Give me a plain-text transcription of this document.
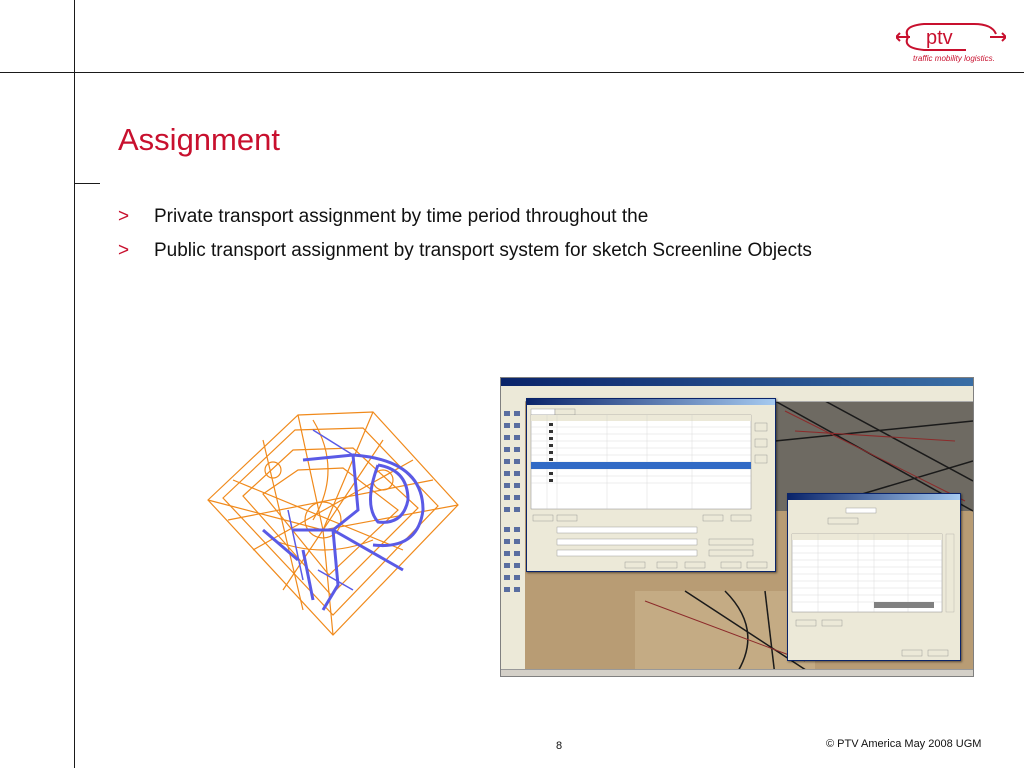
ptv
traffic mobility logistics.
Assignment
> Private transport assignment by time period throughout the
> Public transport assignment by transport system for sketch Screenline Objects
8	© PTV America May 2008 UGM
